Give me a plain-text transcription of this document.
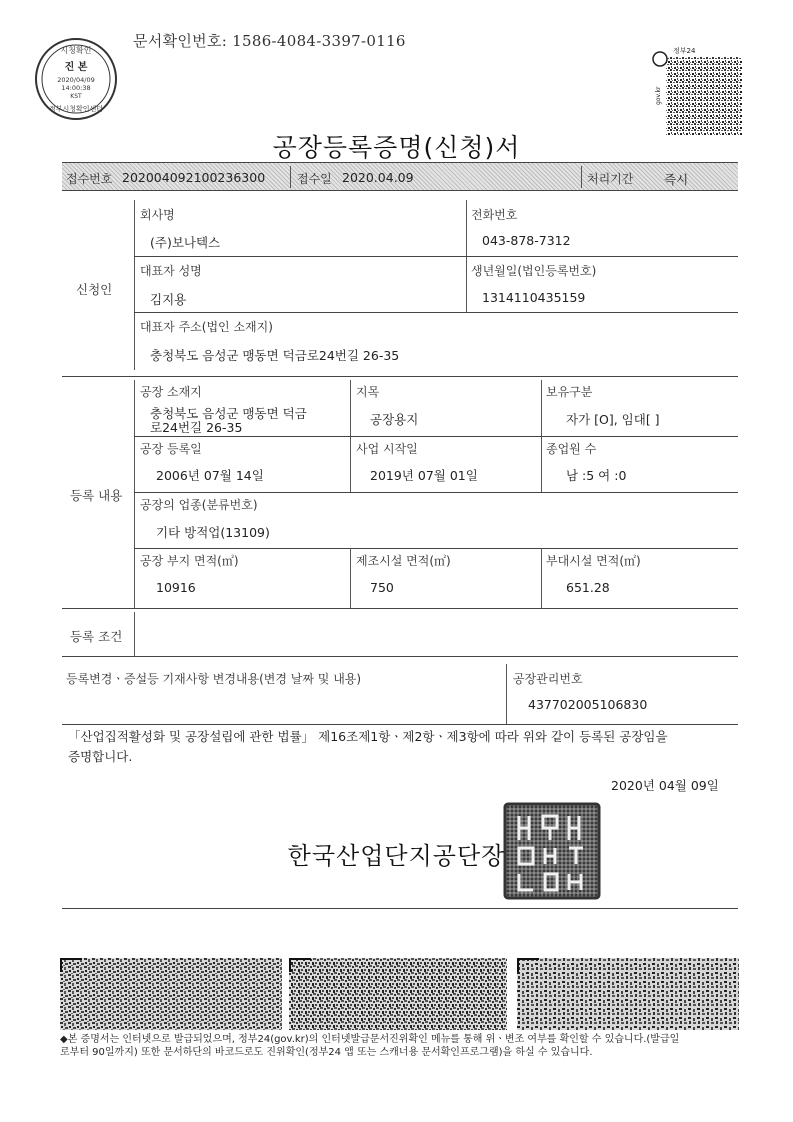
문서확인번호: 1586-4084-3397-0116
시청확인
진 본
2020/04/09
14:00:38
KST
정부시청확인센터
정부24
gov.kr
공장등록증명(신청)서
접수번호 202004092100236300	접수일 2020.04.09	처리기간 즉시
신청인
회사명
(주)보나텍스
전화번호
043-878-7312
대표자 성명
김지용
생년월일(법인등록번호)
1314110435159
대표자 주소(법인 소재지)
충청북도 음성군 맹동면 덕금로24번길 26-35
등록 내용
공장 소재지
충청북도 음성군 맹동면 덕금
로24번길 26-35
지목
공장용지
보유구분
자가 [O], 임대[ ]
공장 등록일
2006년 07월 14일
사업 시작일
2019년 07월 01일
종업원 수
남 :5 여 :0
공장의 업종(분류번호)
기타 방적업(13109)
공장 부지 면적(㎡)
10916
제조시설 면적(㎡)
750
부대시설 면적(㎡)
651.28
등록 조건
등록변경ㆍ증설등 기재사항 변경내용(변경 날짜 및 내용)	공장관리번호
437702005106830
「산업집적활성화 및 공장설립에 관한 법률」 제16조제1항ㆍ제2항ㆍ제3항에 따라 위와 같이 등록된 공장임을
증명합니다.
2020년 04월 09일
한국산업단지공단장
◆본 증명서는 인터넷으로 발급되었으며, 정부24(gov.kr)의 인터넷발급문서진위확인 메뉴를 통해 위ㆍ변조 여부를 확인할 수 있습니다.(발급일
로부터 90일까지) 또한 문서하단의 바코드로도 진위확인(정부24 앱 또는 스캐너용 문서확인프로그램)을 하실 수 있습니다.
